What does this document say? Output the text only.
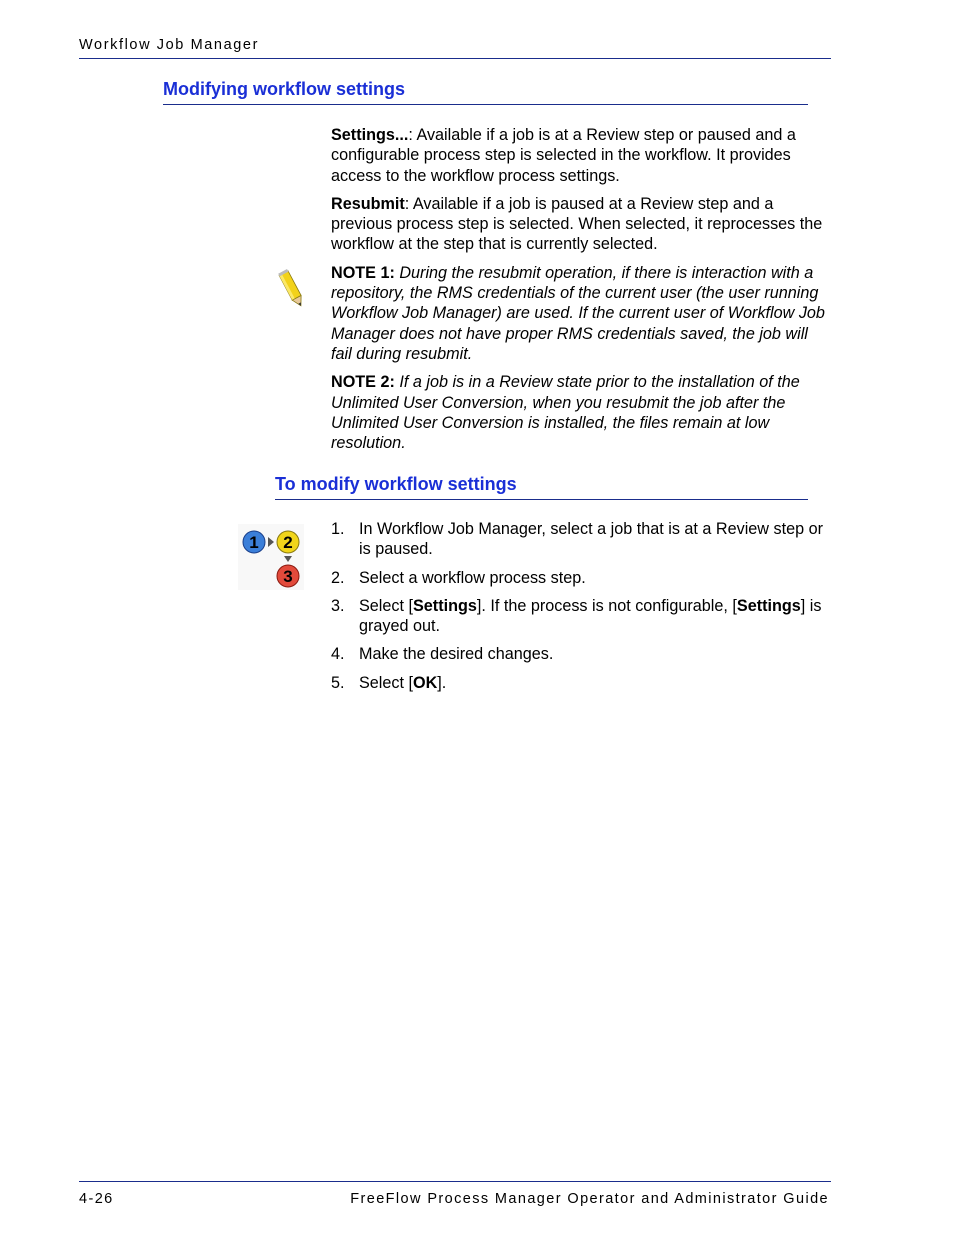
Workflow Job Manager
Modifying workflow settings

Settings...: Available if a job is at a Review step or paused and a configurable process step is selected in the workflow. It provides access to the workflow process settings.

Resubmit: Available if a job is paused at a Review step and a previous process step is selected. When selected, it reprocesses the workflow at the step that is currently selected.

NOTE 1: During the resubmit operation, if there is interaction with a repository, the RMS credentials of the current user (the user running Workflow Job Manager) are used. If the current user of Workflow Job Manager does not have proper RMS credentials saved, the job will fail during resubmit.

NOTE 2: If a job is in a Review state prior to the installation of the Unlimited User Conversion, when you resubmit the job after the Unlimited User Conversion is installed, the files remain at low resolution.

To modify workflow settings
1 2
3
1. In Workflow Job Manager, select a job that is at a Review step or is paused.
2. Select a workflow process step.
3. Select [Settings]. If the process is not configurable, [Settings] is grayed out.
4. Make the desired changes.
5. Select [OK].
4-26	FreeFlow Process Manager Operator and Administrator Guide
